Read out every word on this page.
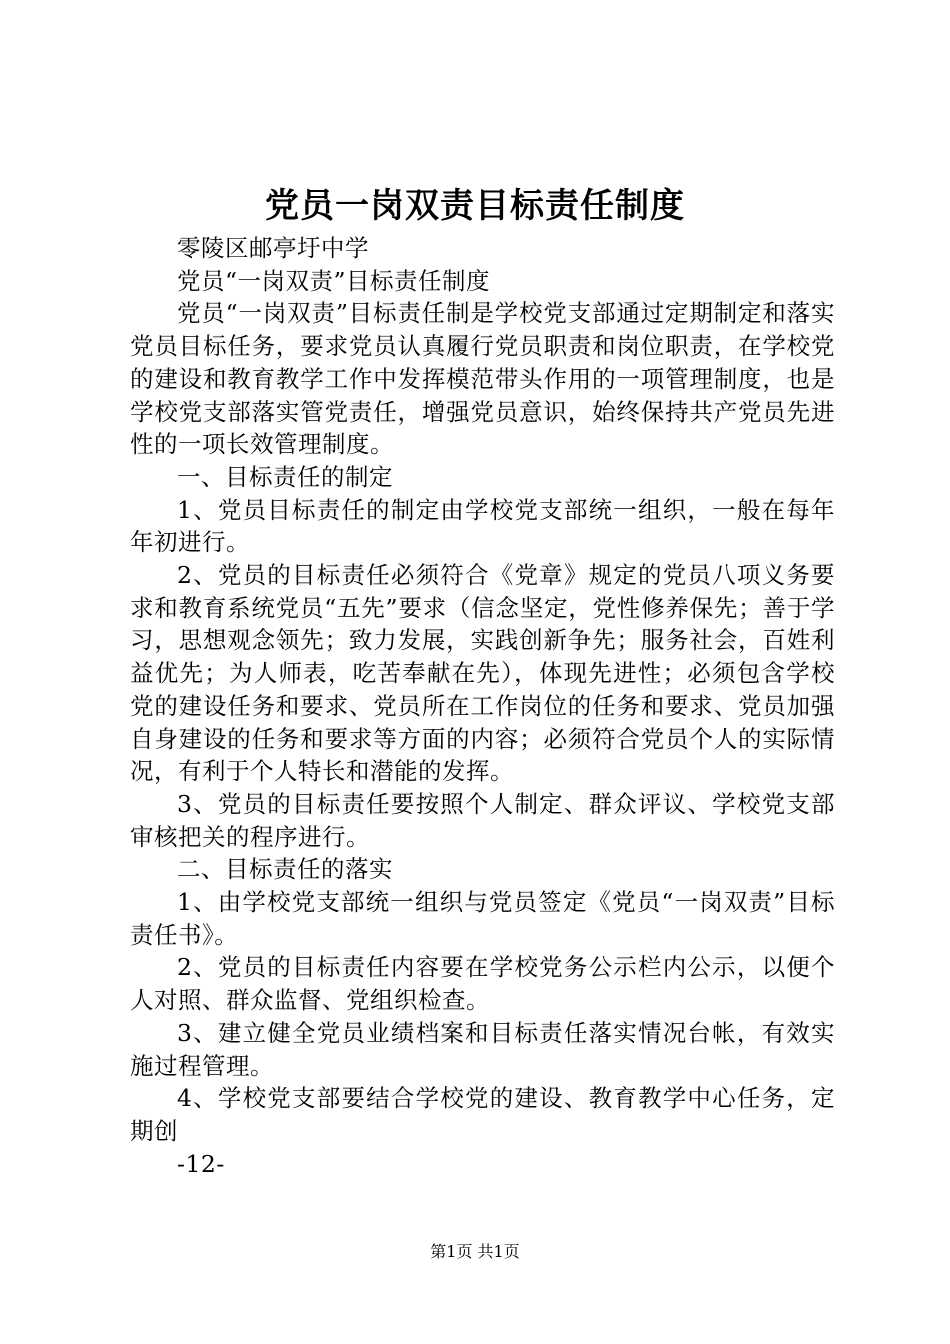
党员一岗双责目标责任制度

零陵区邮亭圩中学

党员“一岗双责”目标责任制度

党员“一岗双责”目标责任制是学校党支部通过定期制定和落实党员目标任务，要求党员认真履行党员职责和岗位职责，在学校党的建设和教育教学工作中发挥模范带头作用的一项管理制度，也是学校党支部落实管党责任，增强党员意识，始终保持共产党员先进性的一项长效管理制度。

一、目标责任的制定

1、党员目标责任的制定由学校党支部统一组织，一般在每年年初进行。

2、党员的目标责任必须符合《党章》规定的党员八项义务要求和教育系统党员“五先”要求（信念坚定，党性修养保先；善于学习，思想观念领先；致力发展，实践创新争先；服务社会，百姓利益优先；为人师表，吃苦奉献在先），体现先进性；必须包含学校党的建设任务和要求、党员所在工作岗位的任务和要求、党员加强自身建设的任务和要求等方面的内容；必须符合党员个人的实际情况，有利于个人特长和潜能的发挥。

3、党员的目标责任要按照个人制定、群众评议、学校党支部审核把关的程序进行。

二、目标责任的落实

1、由学校党支部统一组织与党员签定《党员“一岗双责”目标责任书》。

2、党员的目标责任内容要在学校党务公示栏内公示，以便个人对照、群众监督、党组织检查。

3、建立健全党员业绩档案和目标责任落实情况台帐，有效实施过程管理。

4、学校党支部要结合学校党的建设、教育教学中心任务，定期创

-12-

第1页 共1页
